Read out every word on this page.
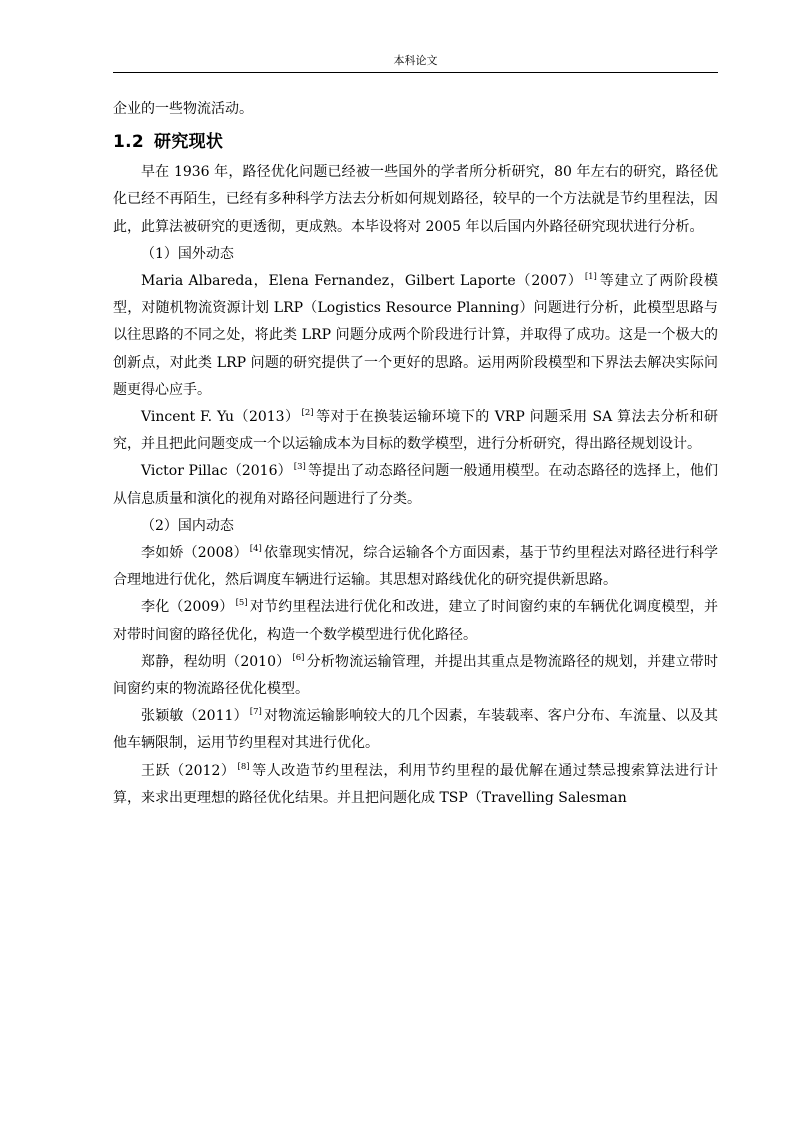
本科论文

企业的一些物流活动。

1.2 研究现状

早在 1936 年，路径优化问题已经被一些国外的学者所分析研究，80 年左右的研究，路径优化已经不再陌生，已经有多种科学方法去分析如何规划路径，较早的一个方法就是节约里程法，因此，此算法被研究的更透彻，更成熟。本毕设将对 2005 年以后国内外路径研究现状进行分析。

（1）国外动态

Maria Albareda，Elena Fernandez，Gilbert Laporte（2007） [1] 等建立了两阶段模型，对随机物流资源计划 LRP（Logistics Resource Planning）问题进行分析，此模型思路与以往思路的不同之处，将此类 LRP 问题分成两个阶段进行计算，并取得了成功。这是一个极大的创新点，对此类 LRP 问题的研究提供了一个更好的思路。运用两阶段模型和下界法去解决实际问题更得心应手。

Vincent F. Yu（2013） [2] 等对于在换装运输环境下的 VRP 问题采用 SA 算法去分析和研究，并且把此问题变成一个以运输成本为目标的数学模型，进行分析研究，得出路径规划设计。

Victor Pillac（2016） [3] 等提出了动态路径问题一般通用模型。在动态路径的选择上，他们从信息质量和演化的视角对路径问题进行了分类。

（2）国内动态

李如娇（2008） [4] 依靠现实情况，综合运输各个方面因素，基于节约里程法对路径进行科学合理地进行优化，然后调度车辆进行运输。其思想对路线优化的研究提供新思路。

李化（2009） [5] 对节约里程法进行优化和改进，建立了时间窗约束的车辆优化调度模型，并对带时间窗的路径优化，构造一个数学模型进行优化路径。

郑静，程幼明（2010） [6] 分析物流运输管理，并提出其重点是物流路径的规划，并建立带时间窗约束的物流路径优化模型。

张颖敏（2011） [7] 对物流运输影响较大的几个因素，车装载率、客户分布、车流量、以及其他车辆限制，运用节约里程对其进行优化。

王跃（2012） [8] 等人改造节约里程法，利用节约里程的最优解在通过禁忌搜索算法进行计算，来求出更理想的路径优化结果。并且把问题化成 TSP（Travelling Salesman
